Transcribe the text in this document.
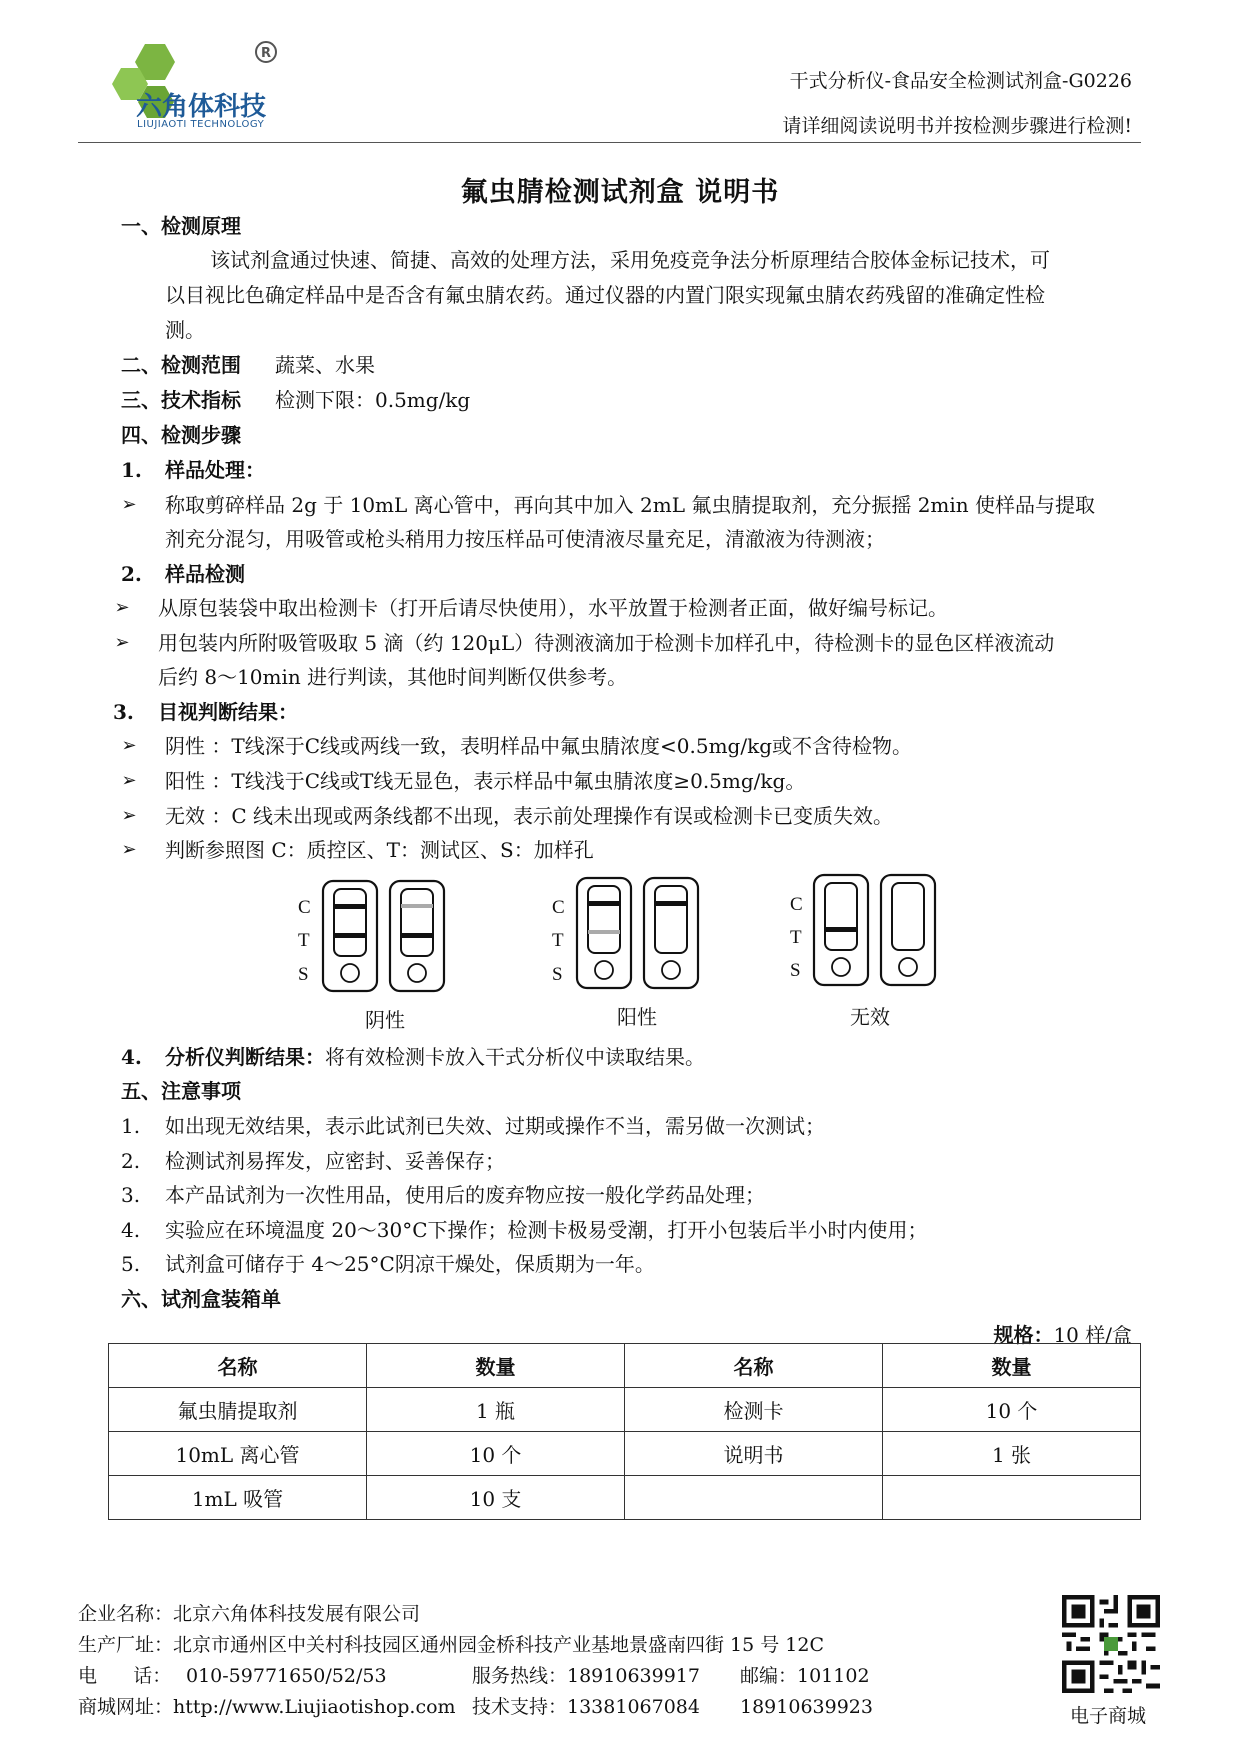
R
六角体科技
LIUJIAOTI TECHNOLOGY
干式分析仪-食品安全检测试剂盒-G0226
请详细阅读说明书并按检测步骤进行检测!
氟虫腈检测试剂盒 说明书
一、检测原理
该试剂盒通过快速、简捷、高效的处理方法，采用免疫竞争法分析原理结合胶体金标记技术，可
以目视比色确定样品中是否含有氟虫腈农药。通过仪器的内置门限实现氟虫腈农药残留的准确定性检
测。
二、检测范围 蔬菜、水果
三、技术指标 检测下限：0.5mg/kg
四、检测步骤
1. 样品处理：
➢ 称取剪碎样品 2g 于 10mL 离心管中，再向其中加入 2mL 氟虫腈提取剂，充分振摇 2min 使样品与提取
剂充分混匀，用吸管或枪头稍用力按压样品可使清液尽量充足，清澈液为待测液；
2. 样品检测
➢ 从原包装袋中取出检测卡（打开后请尽快使用），水平放置于检测者正面，做好编号标记。
➢ 用包装内所附吸管吸取 5 滴（约 120μL）待测液滴加于检测卡加样孔中，待检测卡的显色区样液流动
后约 8～10min 进行判读，其他时间判断仅供参考。
3. 目视判断结果：
➢ 阴性 ：T线深于C线或两线一致，表明样品中氟虫腈浓度<0.5mg/kg或不含待检物。
➢ 阳性 ：T线浅于C线或T线无显色，表示样品中氟虫腈浓度≥0.5mg/kg。
➢ 无效 ：C 线未出现或两条线都不出现，表示前处理操作有误或检测卡已变质失效。
➢ 判断参照图 C：质控区、T：测试区、S：加样孔
C
T
S
C
T
S
C
T
S
阴性	阳性	无效
4. 分析仪判断结果：将有效检测卡放入干式分析仪中读取结果。
五、注意事项
1. 如出现无效结果，表示此试剂已失效、过期或操作不当，需另做一次测试；
2. 检测试剂易挥发，应密封、妥善保存；
3. 本产品试剂为一次性用品，使用后的废弃物应按一般化学药品处理；
4. 实验应在环境温度 20～30°C下操作；检测卡极易受潮，打开小包装后半小时内使用；
5. 试剂盒可储存于 4～25°C阴凉干燥处，保质期为一年。
六、试剂盒装箱单
规格：10 样/盒
名称	数量	名称	数量
氟虫腈提取剂	1 瓶	检测卡	10 个
10mL 离心管	10 个	说明书	1 张
1mL 吸管	10 支		
企业名称：北京六角体科技发展有限公司
生产厂址：北京市通州区中关村科技园区通州园金桥科技产业基地景盛南四街 15 号 12C
电      话： 010-59771650/52/53	服务热线：18910639917 邮编：101102
商城网址：http://www.Liujiaotishop.com 技术支持：13381067084 18910639923	电子商城
